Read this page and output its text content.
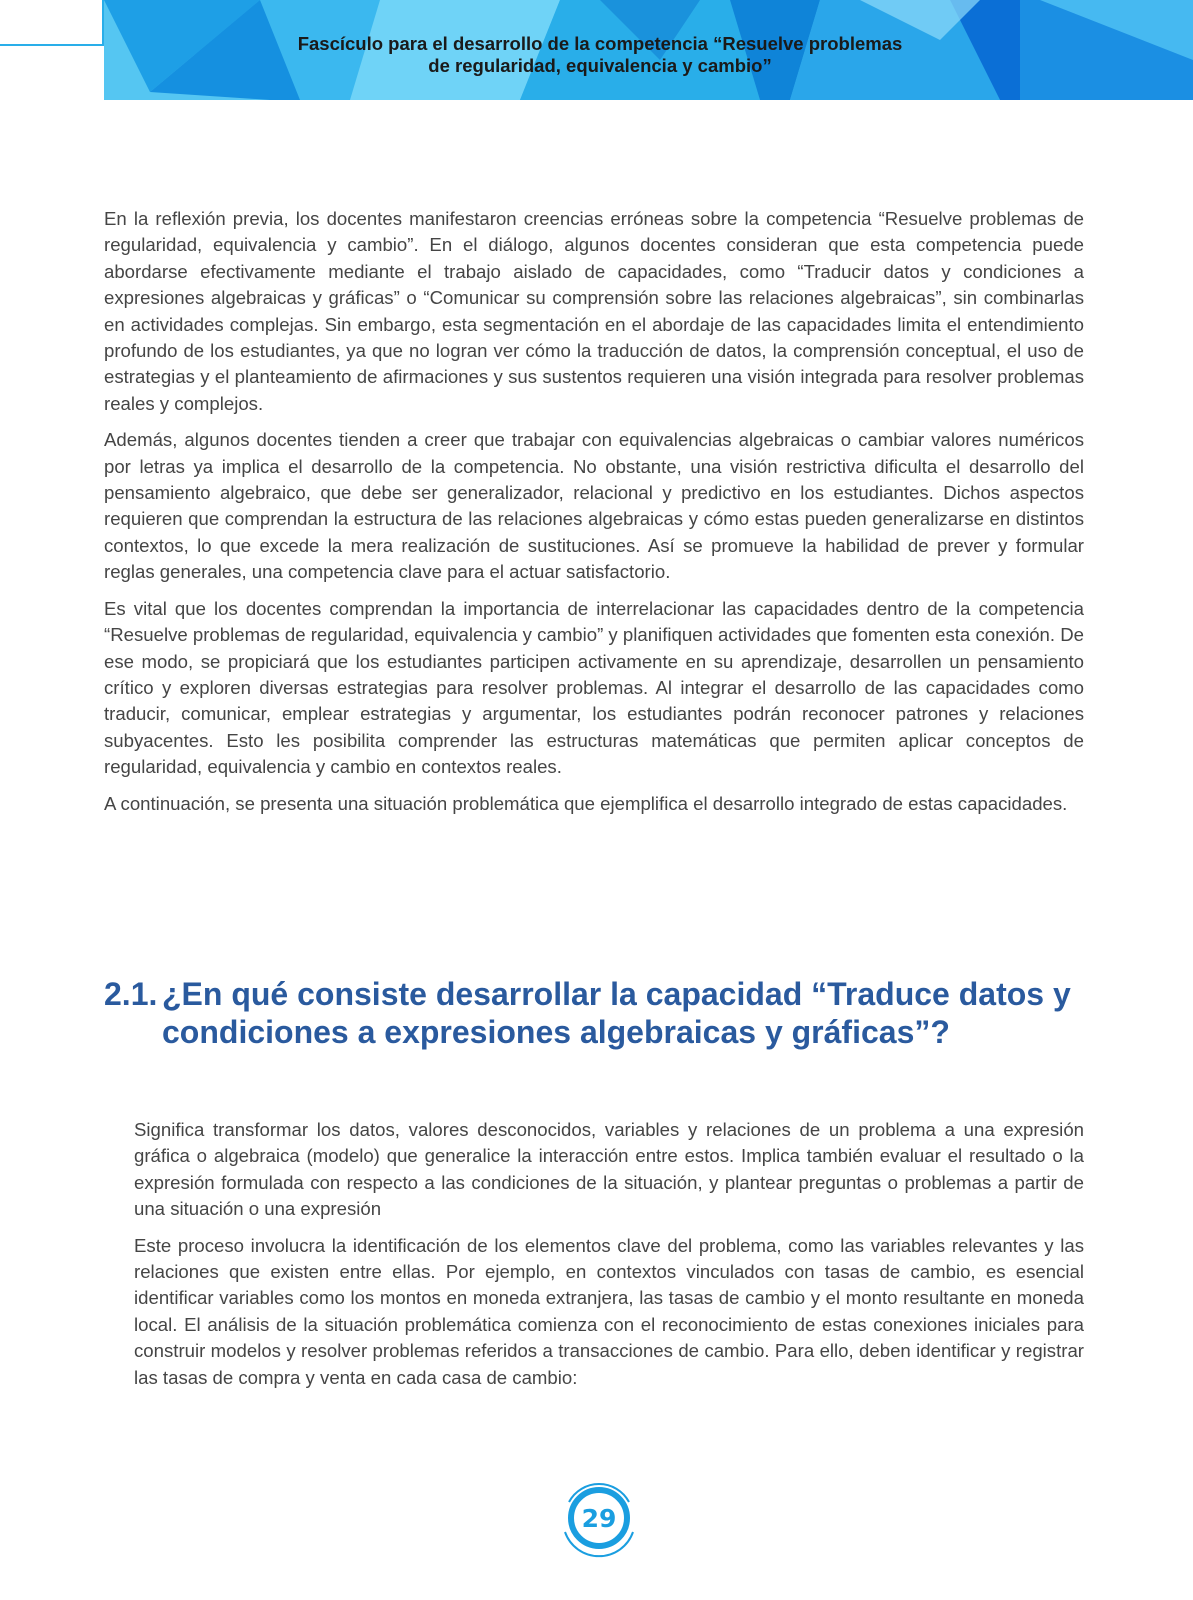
Fascículo para el desarrollo de la competencia “Resuelve problemas
de regularidad, equivalencia y cambio”

En la reflexión previa, los docentes manifestaron creencias erróneas sobre la competencia “Resuelve problemas de regularidad, equivalencia y cambio”. En el diálogo, algunos docentes consideran que esta competencia puede abordarse efectivamente mediante el trabajo aislado de capacidades, como “Traducir datos y condiciones a expresiones algebraicas y gráficas” o “Comunicar su comprensión sobre las relaciones algebraicas”, sin combinarlas en actividades complejas. Sin embargo, esta segmentación en el abordaje de las capacidades limita el entendimiento profundo de los estudiantes, ya que no logran ver cómo la traducción de datos, la comprensión conceptual, el uso de estrategias y el planteamiento de afirmaciones y sus sustentos requieren una visión integrada para resolver problemas reales y complejos.

Además, algunos docentes tienden a creer que trabajar con equivalencias algebraicas o cambiar valores numéricos por letras ya implica el desarrollo de la competencia. No obstante, una visión restrictiva dificulta el desarrollo del pensamiento algebraico, que debe ser generalizador, relacional y predictivo en los estudiantes. Dichos aspectos requieren que comprendan la estructura de las relaciones algebraicas y cómo estas pueden generalizarse en distintos contextos, lo que excede la mera realización de sustituciones. Así se promueve la habilidad de prever y formular reglas generales, una competencia clave para el actuar satisfactorio.

Es vital que los docentes comprendan la importancia de interrelacionar las capacidades dentro de la competencia “Resuelve problemas de regularidad, equivalencia y cambio” y planifiquen actividades que fomenten esta conexión. De ese modo, se propiciará que los estudiantes participen activamente en su aprendizaje, desarrollen un pensamiento crítico y exploren diversas estrategias para resolver problemas. Al integrar el desarrollo de las capacidades como traducir, comunicar, emplear estrategias y argumentar, los estudiantes podrán reconocer patrones y relaciones subyacentes. Esto les posibilita comprender las estructuras matemáticas que permiten aplicar conceptos de regularidad, equivalencia y cambio en contextos reales.

A continuación, se presenta una situación problemática que ejemplifica el desarrollo integrado de estas capacidades.

2.1. ¿En qué consiste desarrollar la capacidad “Traduce datos y condiciones a expresiones algebraicas y gráficas”?

Significa transformar los datos, valores desconocidos, variables y relaciones de un problema a una expresión gráfica o algebraica (modelo) que generalice la interacción entre estos. Implica también evaluar el resultado o la expresión formulada con respecto a las condiciones de la situación, y plantear preguntas o problemas a partir de una situación o una expresión

Este proceso involucra la identificación de los elementos clave del problema, como las variables relevantes y las relaciones que existen entre ellas. Por ejemplo, en contextos vinculados con tasas de cambio, es esencial identificar variables como los montos en moneda extranjera, las tasas de cambio y el monto resultante en moneda local. El análisis de la situación problemática comienza con el reconocimiento de estas conexiones iniciales para construir modelos y resolver problemas referidos a transacciones de cambio. Para ello, deben identificar y registrar las tasas de compra y venta en cada casa de cambio:

29
